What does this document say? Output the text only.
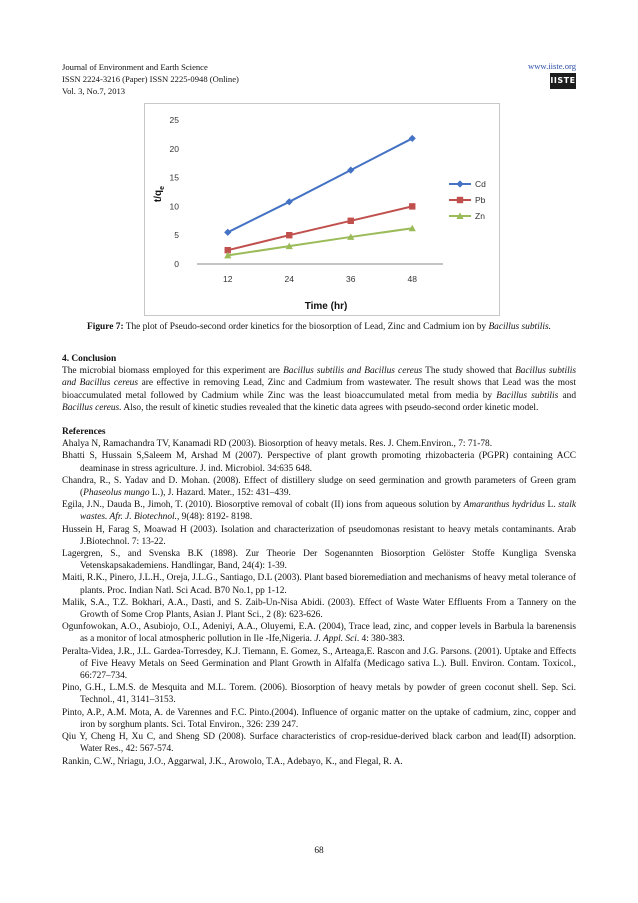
Journal of Environment and Earth Science
ISSN 2224-3216 (Paper) ISSN 2225-0948 (Online)
Vol. 3, No.7, 2013
www.iiste.org
IISTE
$t/q_e$
Time (hr)
0
5
10
15
20
25
12	24	36	48
Cd
Pb
Zn
Figure 7: The plot of Pseudo-second order kinetics for the biosorption of Lead, Zinc and Cadmium ion by Bacillus subtilis.

4. Conclusion

The microbial biomass employed for this experiment are Bacillus subtilis and Bacillus cereus The study showed that Bacillus subtilis and Bacillus cereus are effective in removing Lead, Zinc and Cadmium from wastewater. The result shows that Lead was the most bioaccumulated metal followed by Cadmium while Zinc was the least bioaccumulated metal from media by Bacillus subtilis and Bacillus cereus. Also, the result of kinetic studies revealed that the kinetic data agrees with pseudo-second order kinetic model.

References

Ahalya N, Ramachandra TV, Kanamadi RD (2003). Biosorption of heavy metals. Res. J. Chem.Environ., 7: 71-78.

Bhatti S, Hussain S,Saleem M, Arshad M (2007). Perspective of plant growth promoting rhizobacteria (PGPR) containing ACC deaminase in stress agriculture. J. ind. Microbiol. 34:635 648.

Chandra, R., S. Yadav and D. Mohan. (2008). Effect of distillery sludge on seed germination and growth parameters of Green gram (Phaseolus mungo L.), J. Hazard. Mater., 152: 431–439.

Egila, J.N., Dauda B., Jimoh, T. (2010). Biosorptive removal of cobalt (II) ions from aqueous solution by Amaranthus hydridus L. stalk wastes. Afr. J. Biotechnol., 9(48): 8192- 8198.

Hussein H, Farag S, Moawad H (2003). Isolation and characterization of pseudomonas resistant to heavy metals contaminants. Arab J.Biotechnol. 7: 13-22.

Lagergren, S., and Svenska B.K (1898). Zur Theorie Der Sogenannten Biosorption Gelöster Stoffe Kungliga Svenska Vetenskapsakademiens. Handlingar, Band, 24(4): 1-39.

Maiti, R.K., Pinero, J.L.H., Oreja, J.L.G., Santiago, D.L (2003). Plant based bioremediation and mechanisms of heavy metal tolerance of plants. Proc. Indian Natl. Sci Acad. B70 No.1, pp 1-12.

Malik, S.A., T.Z. Bokhari, A.A., Dasti, and S. Zaib-Un-Nisa Abidi. (2003). Effect of Waste Water Effluents From a Tannery on the Growth of Some Crop Plants, Asian J. Plant Sci., 2 (8): 623-626.

Ogunfowokan, A.O., Asubiojo, O.I., Adeniyi, A.A., Oluyemi, E.A. (2004), Trace lead, zinc, and copper levels in Barbula la barenensis as a monitor of local atmospheric pollution in Ile -Ife,Nigeria. J. Appl. Sci. 4: 380-383.

Peralta-Videa, J.R., J.L. Gardea-Torresdey, K.J. Tiemann, E. Gomez, S., Arteaga,E. Rascon and J.G. Parsons. (2001). Uptake and Effects of Five Heavy Metals on Seed Germination and Plant Growth in Alfalfa (Medicago sativa L.). Bull. Environ. Contam. Toxicol., 66:727–734.

Pino, G.H., L.M.S. de Mesquita and M.L. Torem. (2006). Biosorption of heavy metals by powder of green coconut shell. Sep. Sci. Technol., 41, 3141–3153.

Pinto, A.P., A.M. Mota, A. de Varennes and F.C. Pinto.(2004). Influence of organic matter on the uptake of cadmium, zinc, copper and iron by sorghum plants. Sci. Total Environ., 326: 239 247.

Qiu Y, Cheng H, Xu C, and Sheng SD (2008). Surface characteristics of crop-residue-derived black carbon and lead(II) adsorption. Water Res., 42: 567-574.

Rankin, C.W., Nriagu, J.O., Aggarwal, J.K., Arowolo, T.A., Adebayo, K., and Flegal, R. A.

68
